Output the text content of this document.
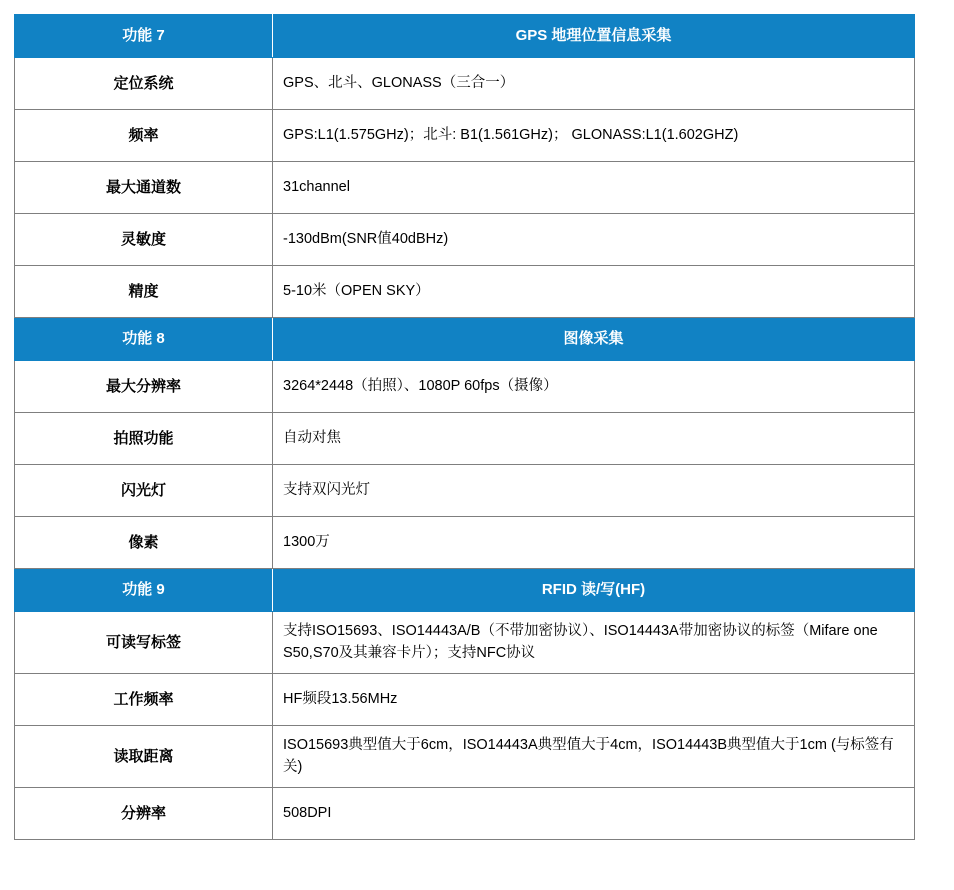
功能 7	GPS 地理位置信息采集
定位系统	GPS、北斗、GLONASS（三合一）
频率	GPS:L1(1.575GHz)；北斗: B1(1.561GHz)； GLONASS:L1(1.602GHZ)
最大通道数	31channel
灵敏度	-130dBm(SNR值40dBHz)
精度	5-10米（OPEN SKY）
功能 8	图像采集
最大分辨率	3264*2448（拍照）、1080P 60fps（摄像）
拍照功能	自动对焦
闪光灯	支持双闪光灯
像素	1300万
功能 9	RFID 读/写(HF)
可读写标签	支持ISO15693、ISO14443A/B（不带加密协议）、ISO14443A带加密协议的标签（Mifare one S50,S70及其兼容卡片）；支持NFC协议
工作频率	HF频段13.56MHz
读取距离	ISO15693典型值大于6cm，ISO14443A典型值大于4cm，ISO14443B典型值大于1cm (与标签有关)
分辨率	508DPI
